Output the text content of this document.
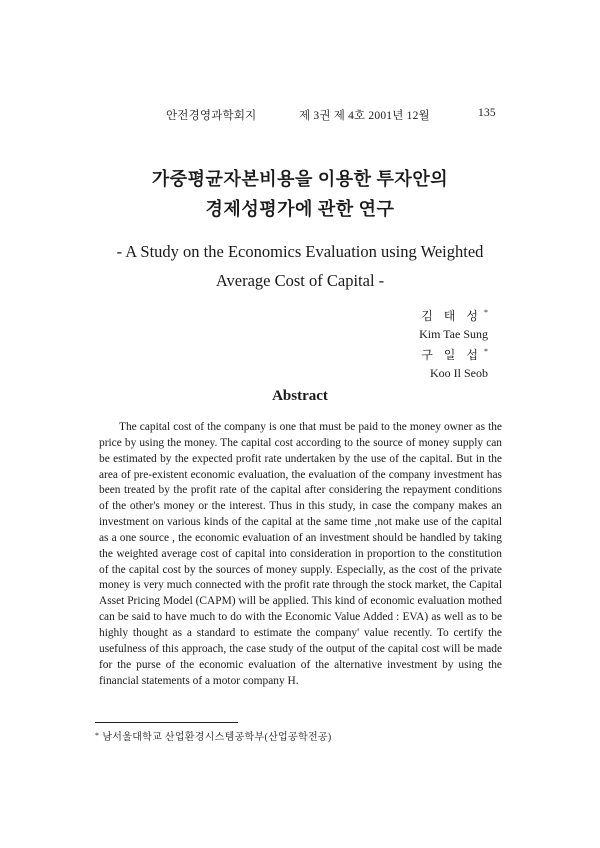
안전경영과학회지	제 3권 제 4호 2001년 12월	135
가중평균자본비용을 이용한 투자안의
경제성평가에 관한 연구
- A Study on the Economics Evaluation using Weighted
Average Cost of Capital -
김 태 성 *
Kim Tae Sung
구 일 섭 *
Koo Il Seob
Abstract

The capital cost of the company is one that must be paid to the money owner as the price by using the money. The capital cost according to the source of money supply can be estimated by the expected profit rate undertaken by the use of the capital. But in the area of pre-existent economic evaluation, the evaluation of the company investment has been treated by the profit rate of the capital after considering the repayment conditions of the other's money or the interest. Thus in this study, in case the company makes an investment on various kinds of the capital at the same time ,not make use of the capital as a one source , the economic evaluation of an investment should be handled by taking the weighted average cost of capital into consideration in proportion to the constitution of the capital cost by the sources of money supply. Especially, as the cost of the private money is very much connected with the profit rate through the stock market, the Capital Asset Pricing Model (CAPM) will be applied. This kind of economic evaluation mothed can be said to have much to do with the Economic Value Added : EVA) as well as to be highly thought as a standard to estimate the company' value recently. To certify the usefulness of this approach, the case study of the output of the capital cost will be made for the purse of the economic evaluation of the alternative investment by using the financial statements of a motor company H.

* 남서울대학교 산업환경시스템공학부(산업공학전공)
